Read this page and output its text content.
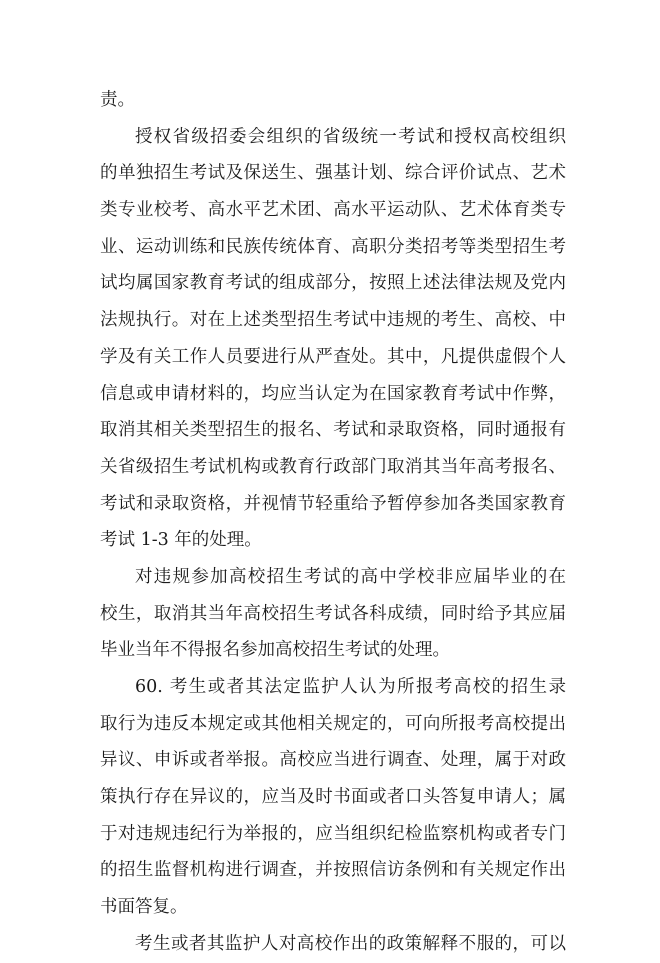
责。
授权省级招委会组织的省级统一考试和授权高校组织
的单独招生考试及保送生、强基计划、综合评价试点、艺术
类专业校考、高水平艺术团、高水平运动队、艺术体育类专
业、运动训练和民族传统体育、高职分类招考等类型招生考
试均属国家教育考试的组成部分，按照上述法律法规及党内
法规执行。对在上述类型招生考试中违规的考生、高校、中
学及有关工作人员要进行从严查处。其中，凡提供虚假个人
信息或申请材料的，均应当认定为在国家教育考试中作弊，
取消其相关类型招生的报名、考试和录取资格，同时通报有
关省级招生考试机构或教育行政部门取消其当年高考报名、
考试和录取资格，并视情节轻重给予暂停参加各类国家教育
考试 1-3 年的处理。
对违规参加高校招生考试的高中学校非应届毕业的在
校生，取消其当年高校招生考试各科成绩，同时给予其应届
毕业当年不得报名参加高校招生考试的处理。
60. 考生或者其法定监护人认为所报考高校的招生录
取行为违反本规定或其他相关规定的，可向所报考高校提出
异议、申诉或者举报。高校应当进行调查、处理，属于对政
策执行存在异议的，应当及时书面或者口头答复申请人；属
于对违规违纪行为举报的，应当组织纪检监察机构或者专门
的招生监督机构进行调查，并按照信访条例和有关规定作出
书面答复。
考生或者其监护人对高校作出的政策解释不服的，可以
